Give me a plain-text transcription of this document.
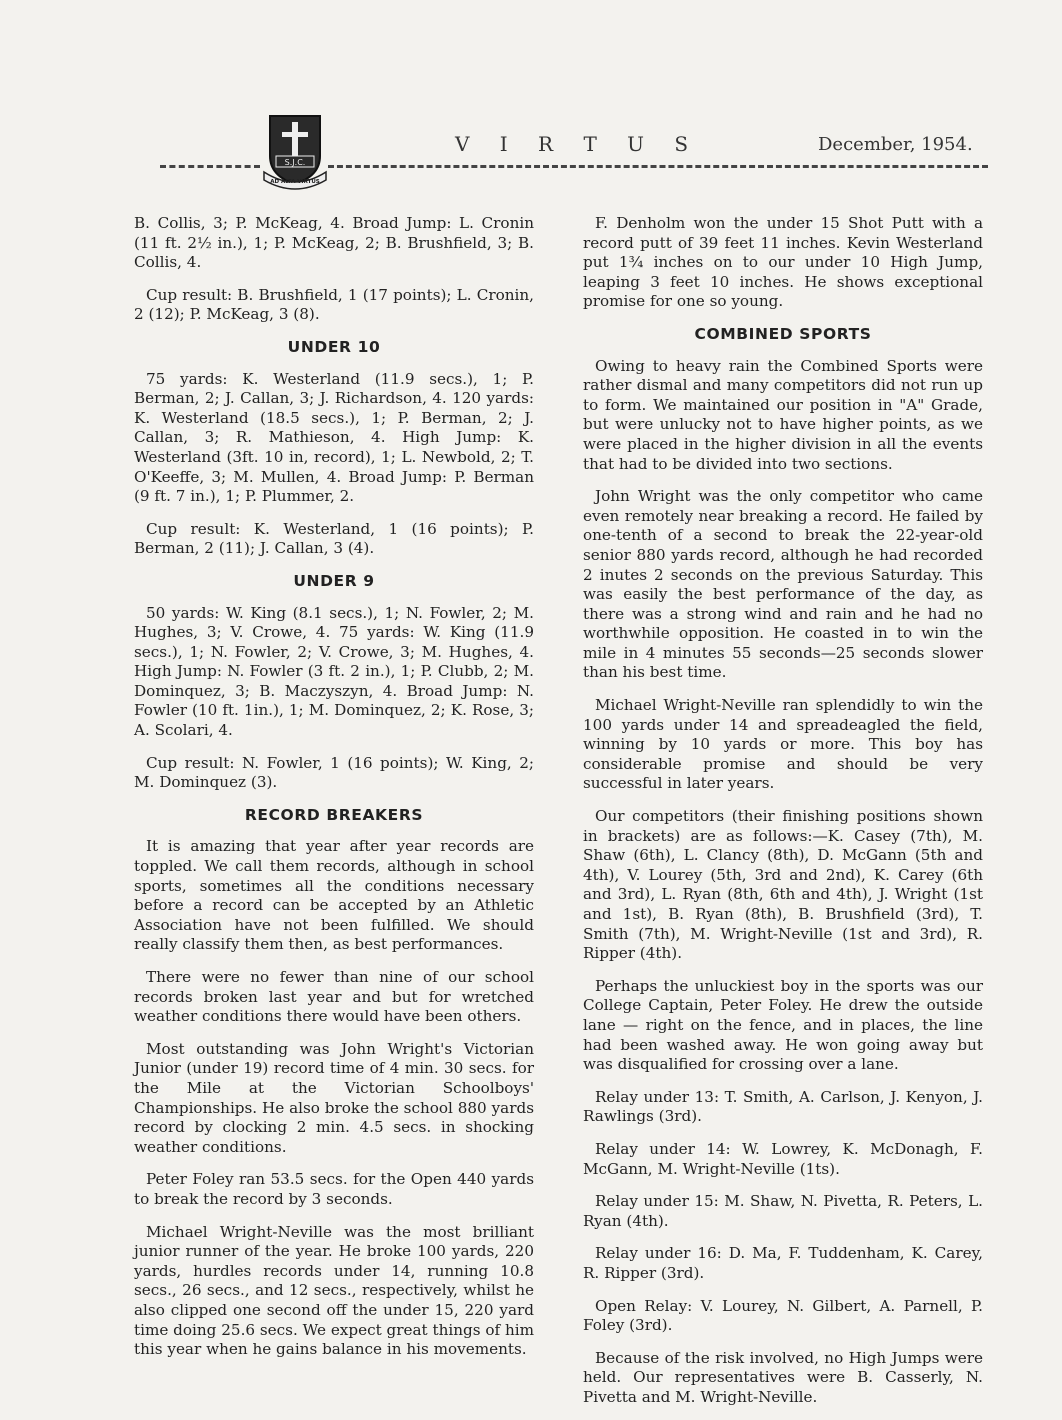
S.J.C.
AD ALTA VIRTUS
V I R T U S	December, 1954.

B. Collis, 3; P. McKeag, 4. Broad Jump: L. Cronin (11 ft. 2½ in.), 1; P. McKeag, 2; B. Brushfield, 3; B. Collis, 4.

Cup result: B. Brushfield, 1 (17 points); L. Cronin, 2 (12); P. McKeag, 3 (8).

UNDER 10

75 yards: K. Westerland (11.9 secs.), 1; P. Berman, 2; J. Callan, 3; J. Richardson, 4. 120 yards: K. Westerland (18.5 secs.), 1; P. Berman, 2; J. Callan, 3; R. Mathieson, 4. High Jump: K. Westerland (3ft. 10 in, record), 1; L. Newbold, 2; T. O'Keeffe, 3; M. Mullen, 4. Broad Jump: P. Berman (9 ft. 7 in.), 1; P. Plummer, 2.

Cup result: K. Westerland, 1 (16 points); P. Berman, 2 (11); J. Callan, 3 (4).

UNDER 9

50 yards: W. King (8.1 secs.), 1; N. Fowler, 2; M. Hughes, 3; V. Crowe, 4. 75 yards: W. King (11.9 secs.), 1; N. Fowler, 2; V. Crowe, 3; M. Hughes, 4. High Jump: N. Fowler (3 ft. 2 in.), 1; P. Clubb, 2; M. Dominquez, 3; B. Maczyszyn, 4. Broad Jump: N. Fowler (10 ft. 1in.), 1; M. Dominquez, 2; K. Rose, 3; A. Scolari, 4.

Cup result: N. Fowler, 1 (16 points); W. King, 2; M. Dominquez (3).

RECORD BREAKERS

It is amazing that year after year records are toppled. We call them records, although in school sports, sometimes all the conditions necessary before a record can be accepted by an Athletic Association have not been fulfilled. We should really classify them then, as best performances.

There were no fewer than nine of our school records broken last year and but for wretched weather conditions there would have been others.

Most outstanding was John Wright's Victorian Junior (under 19) record time of 4 min. 30 secs. for the Mile at the Victorian Schoolboys' Championships. He also broke the school 880 yards record by clocking 2 min. 4.5 secs. in shocking weather conditions.

Peter Foley ran 53.5 secs. for the Open 440 yards to break the record by 3 seconds.

Michael Wright-Neville was the most brilliant junior runner of the year. He broke 100 yards, 220 yards, hurdles records under 14, running 10.8 secs., 26 secs., and 12 secs., respectively, whilst he also clipped one second off the under 15, 220 yard time doing 25.6 secs. We expect great things of him this year when he gains balance in his movements.

F. Denholm won the under 15 Shot Putt with a record putt of 39 feet 11 inches. Kevin Westerland put 1¾ inches on to our under 10 High Jump, leaping 3 feet 10 inches. He shows exceptional promise for one so young.

COMBINED SPORTS

Owing to heavy rain the Combined Sports were rather dismal and many competitors did not run up to form. We maintained our position in "A" Grade, but were unlucky not to have higher points, as we were placed in the higher division in all the events that had to be divided into two sections.

John Wright was the only competitor who came even remotely near breaking a record. He failed by one-tenth of a second to break the 22-year-old senior 880 yards record, although he had recorded 2 inutes 2 seconds on the previous Saturday. This was easily the best performance of the day, as there was a strong wind and rain and he had no worthwhile opposition. He coasted in to win the mile in 4 minutes 55 seconds—25 seconds slower than his best time.

Michael Wright-Neville ran splendidly to win the 100 yards under 14 and spreadeagled the field, winning by 10 yards or more. This boy has considerable promise and should be very successful in later years.

Our competitors (their finishing positions shown in brackets) are as follows:—K. Casey (7th), M. Shaw (6th), L. Clancy (8th), D. McGann (5th and 4th), V. Lourey (5th, 3rd and 2nd), K. Carey (6th and 3rd), L. Ryan (8th, 6th and 4th), J. Wright (1st and 1st), B. Ryan (8th), B. Brushfield (3rd), T. Smith (7th), M. Wright-Neville (1st and 3rd), R. Ripper (4th).

Perhaps the unluckiest boy in the sports was our College Captain, Peter Foley. He drew the outside lane — right on the fence, and in places, the line had been washed away. He won going away but was disqualified for crossing over a lane.

Relay under 13: T. Smith, A. Carlson, J. Kenyon, J. Rawlings (3rd).

Relay under 14: W. Lowrey, K. McDonagh, F. McGann, M. Wright-Neville (1ts).

Relay under 15: M. Shaw, N. Pivetta, R. Peters, L. Ryan (4th).

Relay under 16: D. Ma, F. Tuddenham, K. Carey, R. Ripper (3rd).

Open Relay: V. Lourey, N. Gilbert, A. Parnell, P. Foley (3rd).

Because of the risk involved, no High Jumps were held. Our representatives were B. Casserly, N. Pivetta and M. Wright-Neville.
